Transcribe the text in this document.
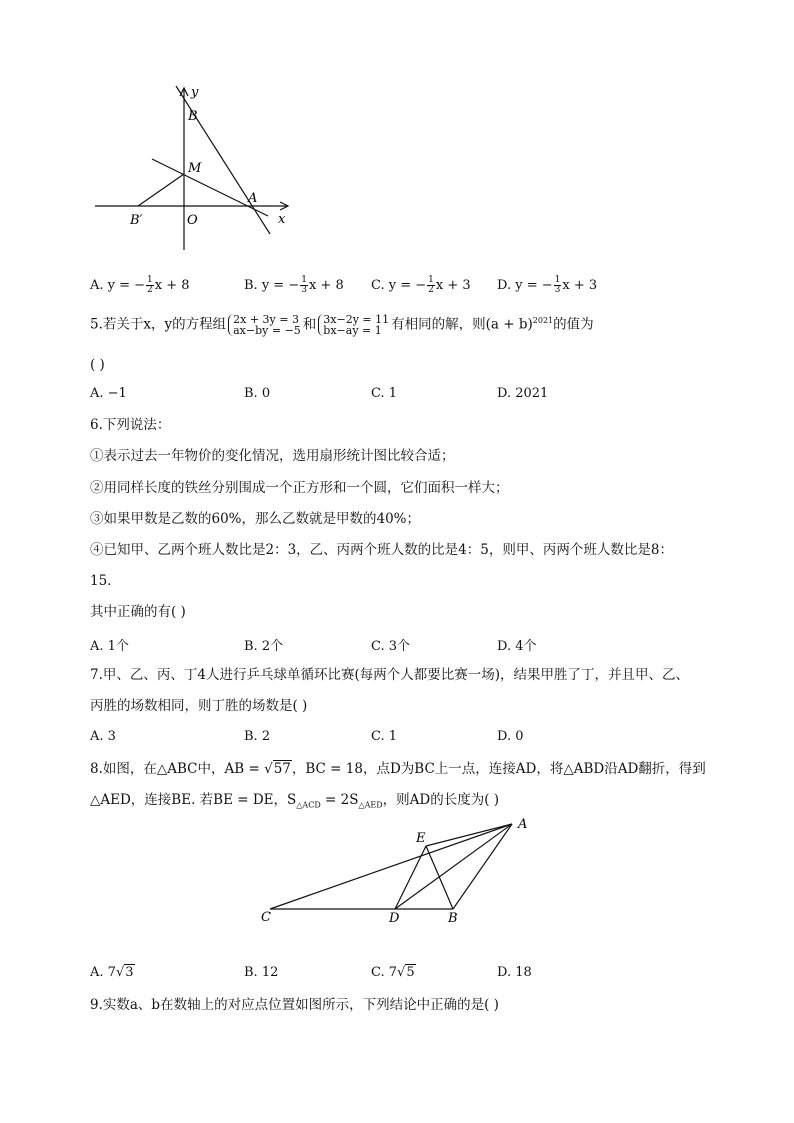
y
x
B
M
A
B′	O
A. y = − $\frac{1}{2}$ x + 8	B. y = − $\frac{1}{3}$ x + 8 C. y = − $\frac{1}{2}$ x + 3 D. y = − $\frac{1}{3}$ x + 3
5.若关于x，y的方程组 2x + 3y = 3
ax−by = −5 和 3x−2y = 11
bx−ay = 1 有相同的解，则$(a + b)^{2021}$的值为
( )
A. −1	B. 0	C. 1	D. 2021
6.下列说法：
①表示过去一年物价的变化情况，选用扇形统计图比较合适；
②用同样长度的铁丝分别围成一个正方形和一个圆，它们面积一样大；
③如果甲数是乙数的60%，那么乙数就是甲数的40%；
④已知甲、乙两个班人数比是2：3，乙、丙两个班人数的比是4：5，则甲、丙两个班人数比是8：
15．
其中正确的有( )
A. 1个	B. 2个	C. 3个	D. 4个
7.甲、乙、丙、丁4人进行乒乓球单循环比赛(每两个人都要比赛一场)，结果甲胜了丁，并且甲、乙、
丙胜的场数相同，则丁胜的场数是( )
A. 3	B. 2	C. 1	D. 0
8.如图，在△ABC中，AB = √57，BC = 18，点D为BC上一点，连接AD，将△ABD沿AD翻折，得到
△AED，连接BE. 若BE = DE，$S_{\triangle ACD} = 2S_{\triangle AED}$，则AD的长度为( )
E
A
C	D	B
A. 7√3	B. 12	C. 7√5	D. 18
9.实数a、b在数轴上的对应点位置如图所示，下列结论中正确的是( )
